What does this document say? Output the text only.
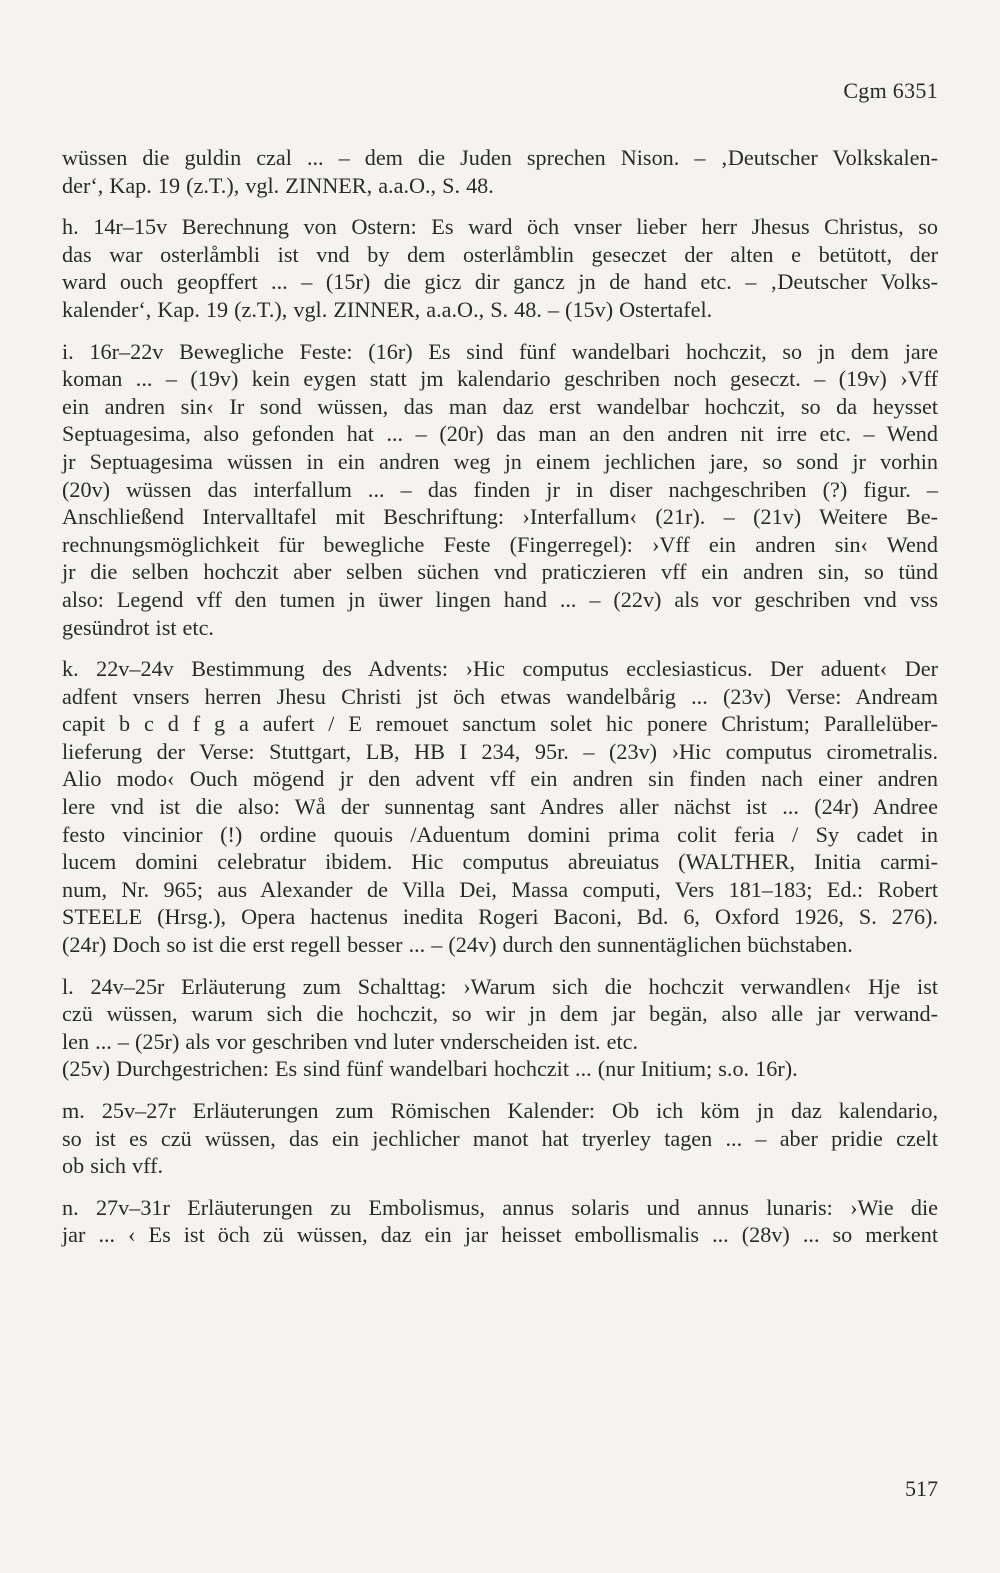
Cgm 6351
wüssen die guldin czal ... – dem die Juden sprechen Nison. – ‚Deutscher Volkskalen-
der‘, Kap. 19 (z.T.), vgl. ZINNER, a.a.O., S. 48.
h. 14r–15v Berechnung von Ostern: Es ward öch vnser lieber herr Jhesus Christus, so
das war osterlåmbli ist vnd by dem osterlåmblin geseczet der alten e betütott, der
ward ouch geopffert ... – (15r) die gicz dir gancz jn de hand etc. – ‚Deutscher Volks-
kalender‘, Kap. 19 (z.T.), vgl. ZINNER, a.a.O., S. 48. – (15v) Ostertafel.
i. 16r–22v Bewegliche Feste: (16r) Es sind fünf wandelbari hochczit, so jn dem jare
koman ... – (19v) kein eygen statt jm kalendario geschriben noch geseczt. – (19v) ›Vff
ein andren sin‹ Ir sond wüssen, das man daz erst wandelbar hochczit, so da heysset
Septuagesima, also gefonden hat ... – (20r) das man an den andren nit irre etc. – Wend
jr Septuagesima wüssen in ein andren weg jn einem jechlichen jare, so sond jr vorhin
(20v) wüssen das interfallum ... – das finden jr in diser nachgeschriben (?) figur. –
Anschließend Intervalltafel mit Beschriftung: ›Interfallum‹ (21r). – (21v) Weitere Be-
rechnungsmöglichkeit für bewegliche Feste (Fingerregel): ›Vff ein andren sin‹ Wend
jr die selben hochczit aber selben süchen vnd praticzieren vff ein andren sin, so tünd
also: Legend vff den tumen jn üwer lingen hand ... – (22v) als vor geschriben vnd vss
gesündrot ist etc.
k. 22v–24v Bestimmung des Advents: ›Hic computus ecclesiasticus. Der aduent‹ Der
adfent vnsers herren Jhesu Christi jst öch etwas wandelbårig ... (23v) Verse: Andream
capit b c d f g a aufert / E remouet sanctum solet hic ponere Christum; Parallelüber-
lieferung der Verse: Stuttgart, LB, HB I 234, 95r. – (23v) ›Hic computus cirometralis.
Alio modo‹ Ouch mögend jr den advent vff ein andren sin finden nach einer andren
lere vnd ist die also: Wå der sunnentag sant Andres aller nächst ist ... (24r) Andree
festo vincinior (!) ordine quouis /Aduentum domini prima colit feria / Sy cadet in
lucem domini celebratur ibidem. Hic computus abreuiatus (WALTHER, Initia carmi-
num, Nr. 965; aus Alexander de Villa Dei, Massa computi, Vers 181–183; Ed.: Robert
STEELE (Hrsg.), Opera hactenus inedita Rogeri Baconi, Bd. 6, Oxford 1926, S. 276).
(24r) Doch so ist die erst regell besser ... – (24v) durch den sunnentäglichen büchstaben.
l. 24v–25r Erläuterung zum Schalttag: ›Warum sich die hochczit verwandlen‹ Hje ist
czü wüssen, warum sich die hochczit, so wir jn dem jar begän, also alle jar verwand-
len ... – (25r) als vor geschriben vnd luter vnderscheiden ist. etc.
(25v) Durchgestrichen: Es sind fünf wandelbari hochczit ... (nur Initium; s.o. 16r).
m. 25v–27r Erläuterungen zum Römischen Kalender: Ob ich köm jn daz kalendario,
so ist es czü wüssen, das ein jechlicher manot hat tryerley tagen ... – aber pridie czelt
ob sich vff.
n. 27v–31r Erläuterungen zu Embolismus, annus solaris und annus lunaris: ›Wie die
jar ... ‹ Es ist öch zü wüssen, daz ein jar heisset embollismalis ... (28v) ... so merkent
517
